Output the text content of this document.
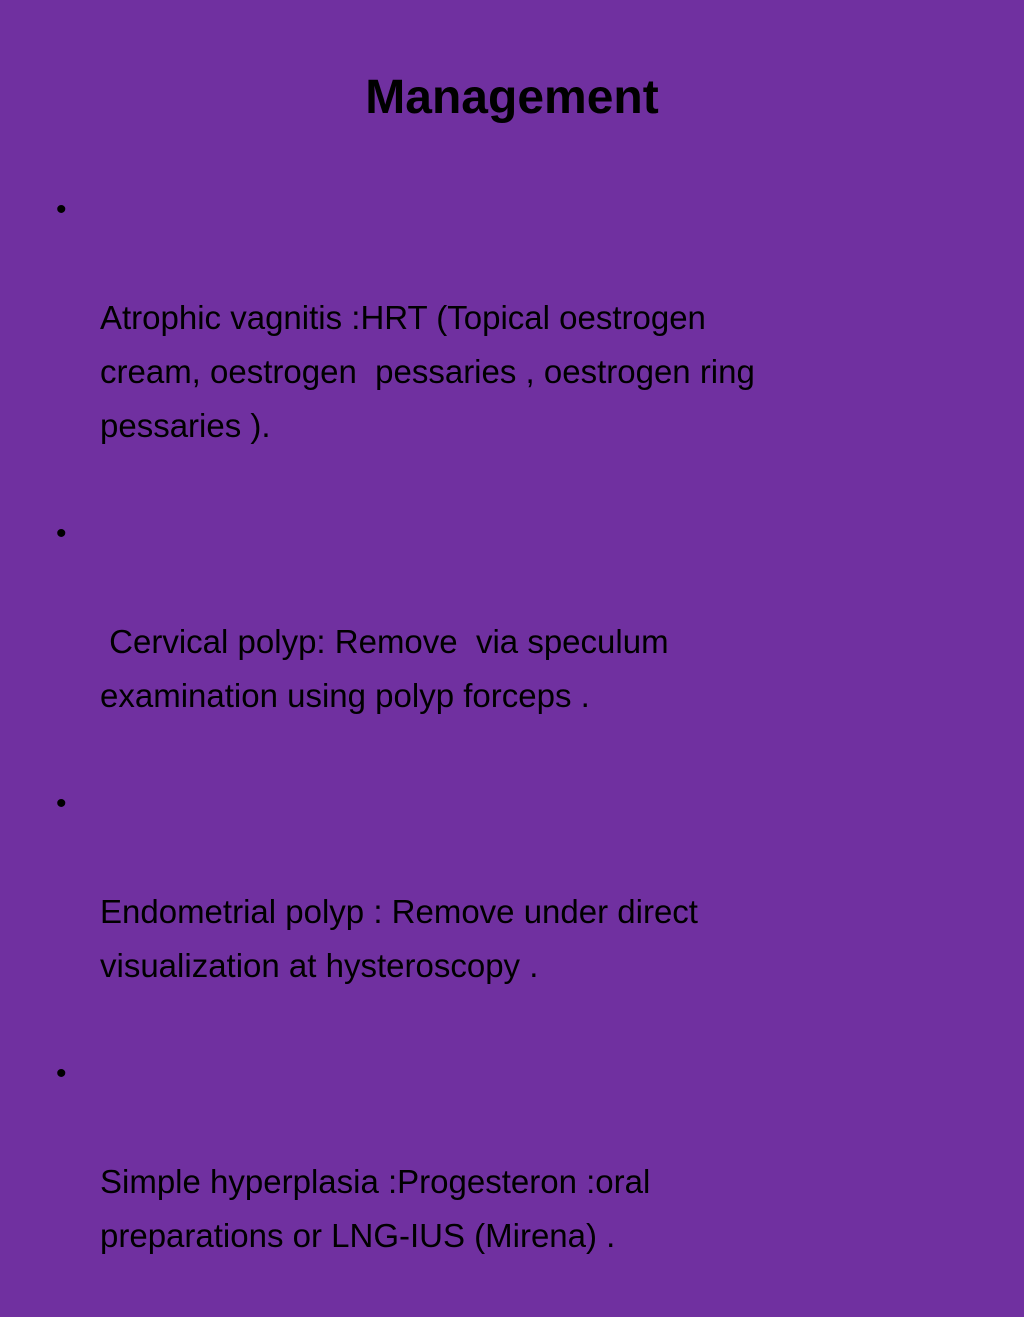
Management

•

Atrophic vagnitis :HRT (Topical oestrogen
cream, oestrogen  pessaries , oestrogen ring
pessaries ).

•

Cervical polyp: Remove  via speculum
examination using polyp forceps .

•

Endometrial polyp : Remove under direct
visualization at hysteroscopy .

•

Simple hyperplasia :Progesteron :oral
preparations or LNG-IUS (Mirena) .
